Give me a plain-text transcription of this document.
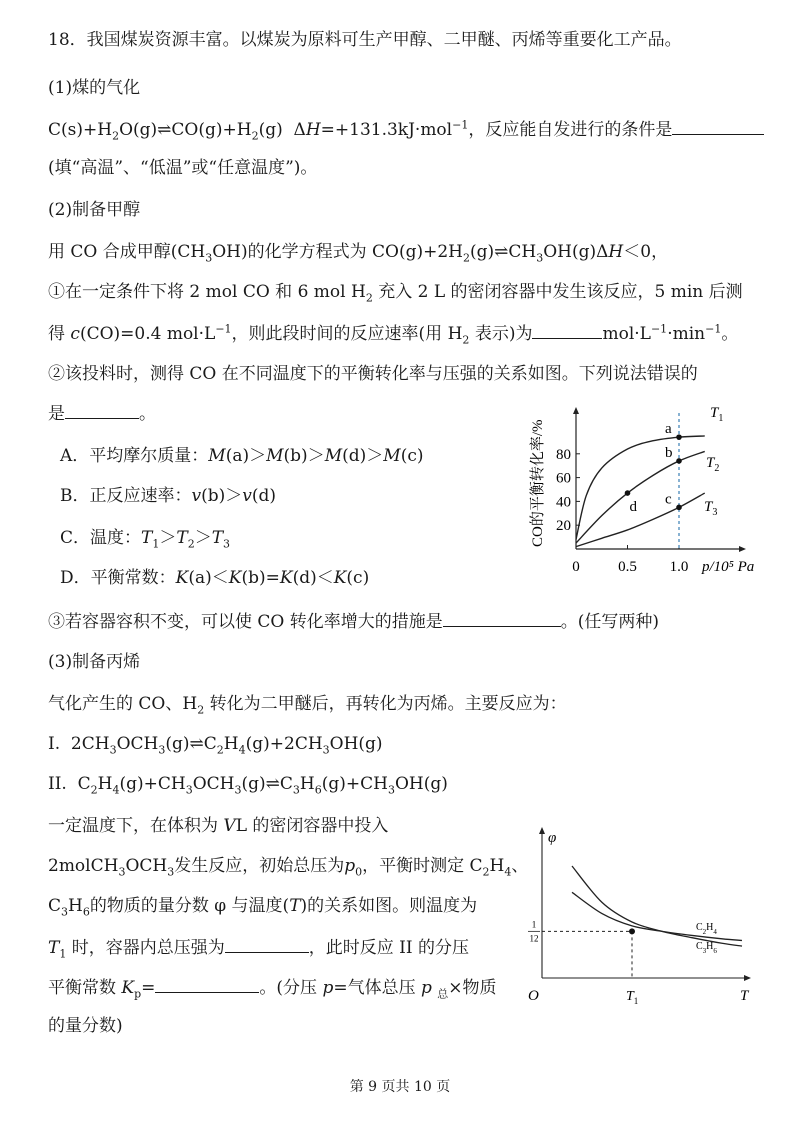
18．我国煤炭资源丰富。以煤炭为原料可生产甲醇、二甲醚、丙烯等重要化工产品。
(1)煤的气化
$C(s)+H_2O(g)\rightleftharpoons CO(g)+H_2(g)$  ΔH=+131.3kJ·mol$^{-1}$，反应能自发进行的条件是
(填“高温”、“低温”或“任意温度”)。
(2)制备甲醇
用 CO 合成甲醇$(CH_3OH)$的化学方程式为 $CO(g)+2H_2(g)\rightleftharpoons CH_3OH(g)\Delta H<0$，
①在一定条件下将 2 mol CO 和 6 mol $H_2$ 充入 2 L 的密闭容器中发生该反应，5 min 后测
得 c(CO)=0.4 $mol\cdot L^{-1}$，则此段时间的反应速率(用 $H_2$ 表示)为	$mol\cdot L^{-1}\cdot\min^{-1}$。
②该投料时，测得 CO 在不同温度下的平衡转化率与压强的关系如图。下列说法错误的
是	。
A．平均摩尔质量：M(a)＞M(b)＞M(d)＞M(c)
B．正反应速率：v(b)＞v(d)
C．温度：$T_1>T_2>T_3$
D．平衡常数：K(a)＜K(b)=K(d)＜K(c)
③若容器容积不变，可以使 CO 转化率增大的措施是	。(任写两种)
20
40
60
80
0	0.5 1.0 p/10⁵ Pa
CO的平衡转化率/%
$T_1$
$T_2$
$T_3$
a
b
c
d
(3)制备丙烯
气化产生的 CO、$H_2$ 转化为二甲醚后，再转化为丙烯。主要反应为：
I.  $2CH_3OCH_3(g)\rightleftharpoons C_2H_4(g)+2CH_3OH(g)$
II.  $C_2H_4(g)+CH_3OCH_3(g)\rightleftharpoons C_3H_6(g)+CH_3OH(g)$
一定温度下，在体积为 VL 的密闭容器中投入
$2molCH_3OCH_3$发生反应，初始总压为$p_0$，平衡时测定 $C_2H_4$、
$C_3H_6$的物质的量分数 φ 与温度(T)的关系如图。则温度为
$T_1$ 时，容器内总压强为	，此时反应 II 的分压
平衡常数 $K_p=$	。(分压 p=气体总压 p $_总$×物质
的量分数)
φ
T
O
1
12
$T_1$
$C_2H_4$
$C_3H_6$
第 9 页共 10 页
